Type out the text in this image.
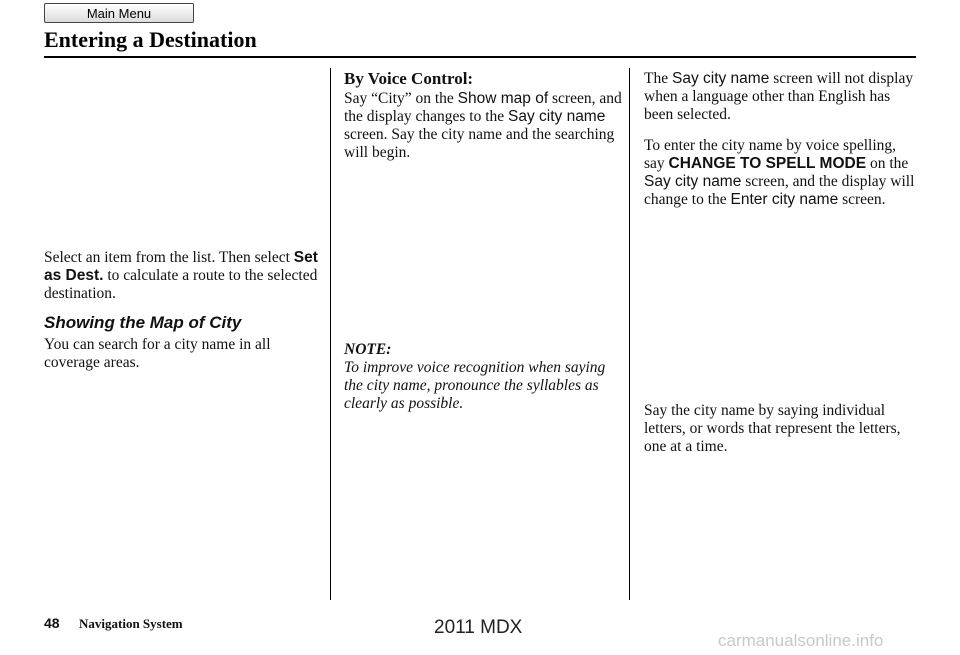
Main Menu
Entering a Destination
Select an item from the list. Then select Set as Dest. to calculate a route to the selected destination.
Showing the Map of City
You can search for a city name in all coverage areas.
By Voice Control:
Say “City” on the Show map of screen, and the display changes to the Say city name screen. Say the city name and the searching will begin.
NOTE:
To improve voice recognition when saying the city name, pronounce the syllables as clearly as possible.
The Say city name screen will not display when a language other than English has been selected.
To enter the city name by voice spelling, say CHANGE TO SPELL MODE on the Say city name screen, and the display will change to the Enter city name screen.
Say the city name by saying individual letters, or words that represent the letters, one at a time.
48 Navigation System	2011 MDX
carmanualsonline.info
